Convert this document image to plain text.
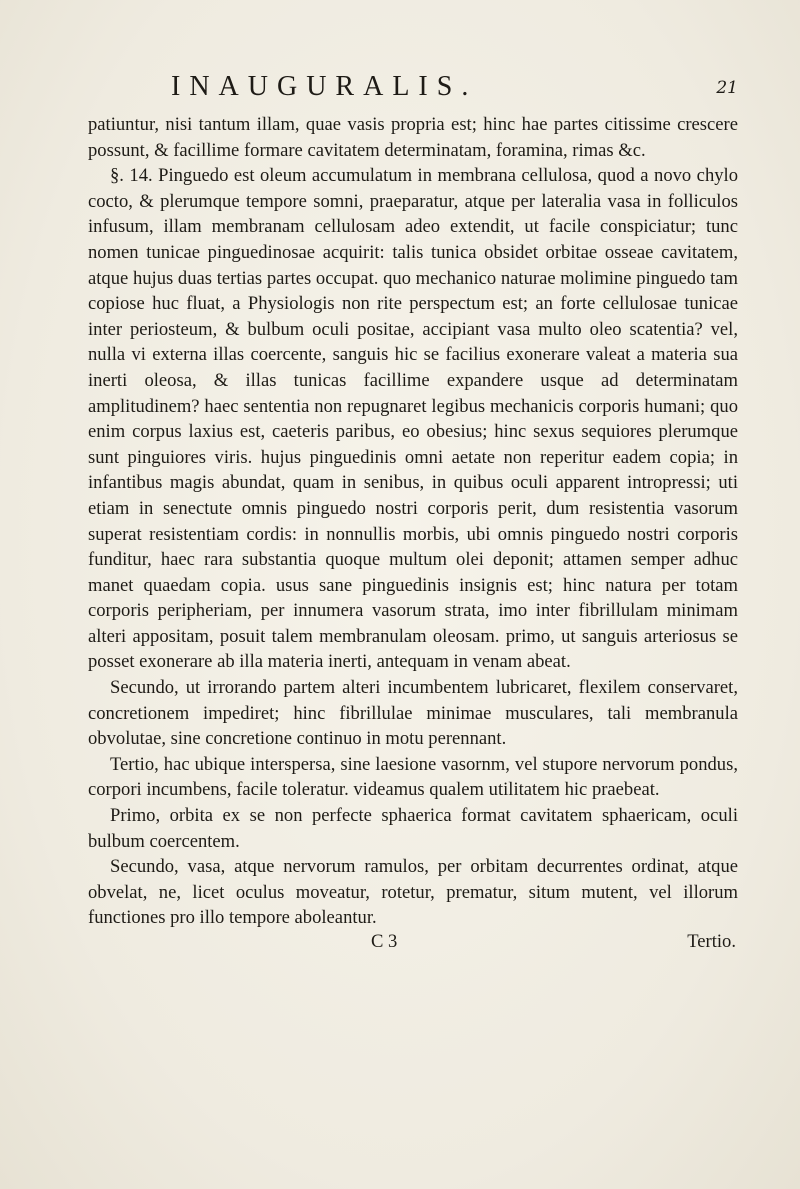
INAUGURALIS.	21

patiuntur, nisi tantum illam, quae vasis propria est; hinc hae partes citissime crescere possunt, & facillime formare cavitatem determinatam, foramina, rimas &c.

§. 14. Pinguedo est oleum accumulatum in membrana cellulosa, quod a novo chylo cocto, & plerumque tempore somni, praeparatur, atque per lateralia vasa in folliculos infusum, illam membranam cellulosam adeo extendit, ut facile conspiciatur; tunc nomen tunicae pinguedinosae acquirit: talis tunica obsidet orbitae osseae cavitatem, atque hujus duas tertias partes occupat. quo mechanico naturae molimine pinguedo tam copiose huc fluat, a Physiologis non rite perspectum est; an forte cellulosae tunicae inter periosteum, & bulbum oculi positae, accipiant vasa multo oleo scatentia? vel, nulla vi externa illas coercente, sanguis hic se facilius exonerare valeat a materia sua inerti oleosa, & illas tunicas facillime expandere usque ad determinatam amplitudinem? haec sententia non repugnaret legibus mechanicis corporis humani; quo enim corpus laxius est, caeteris paribus, eo obesius; hinc sexus sequiores plerumque sunt pinguiores viris. hujus pinguedinis omni aetate non reperitur eadem copia; in infantibus magis abundat, quam in senibus, in quibus oculi apparent intropressi; uti etiam in senectute omnis pinguedo nostri corporis perit, dum resistentia vasorum superat resistentiam cordis: in nonnullis morbis, ubi omnis pinguedo nostri corporis funditur, haec rara substantia quoque multum olei deponit; attamen semper adhuc manet quaedam copia. usus sane pinguedinis insignis est; hinc natura per totam corporis peripheriam, per innumera vasorum strata, imo inter fibrillulam minimam alteri appositam, posuit talem membranulam oleosam. primo, ut sanguis arteriosus se posset exonerare ab illa materia inerti, antequam in venam abeat.

Secundo, ut irrorando partem alteri incumbentem lubricaret, flexilem conservaret, concretionem impediret; hinc fibrillulae minimae musculares, tali membranula obvolutae, sine concretione continuo in motu perennant.

Tertio, hac ubique interspersa, sine laesione vasornm, vel stupore nervorum pondus, corpori incumbens, facile toleratur. videamus qualem utilitatem hic praebeat.

Primo, orbita ex se non perfecte sphaerica format cavitatem sphaericam, oculi bulbum coercentem.

Secundo, vasa, atque nervorum ramulos, per orbitam decurrentes ordinat, atque obvelat, ne, licet oculus moveatur, rotetur, prematur, situm mutent, vel illorum functiones pro illo tempore aboleantur.

C 3	Tertio.
